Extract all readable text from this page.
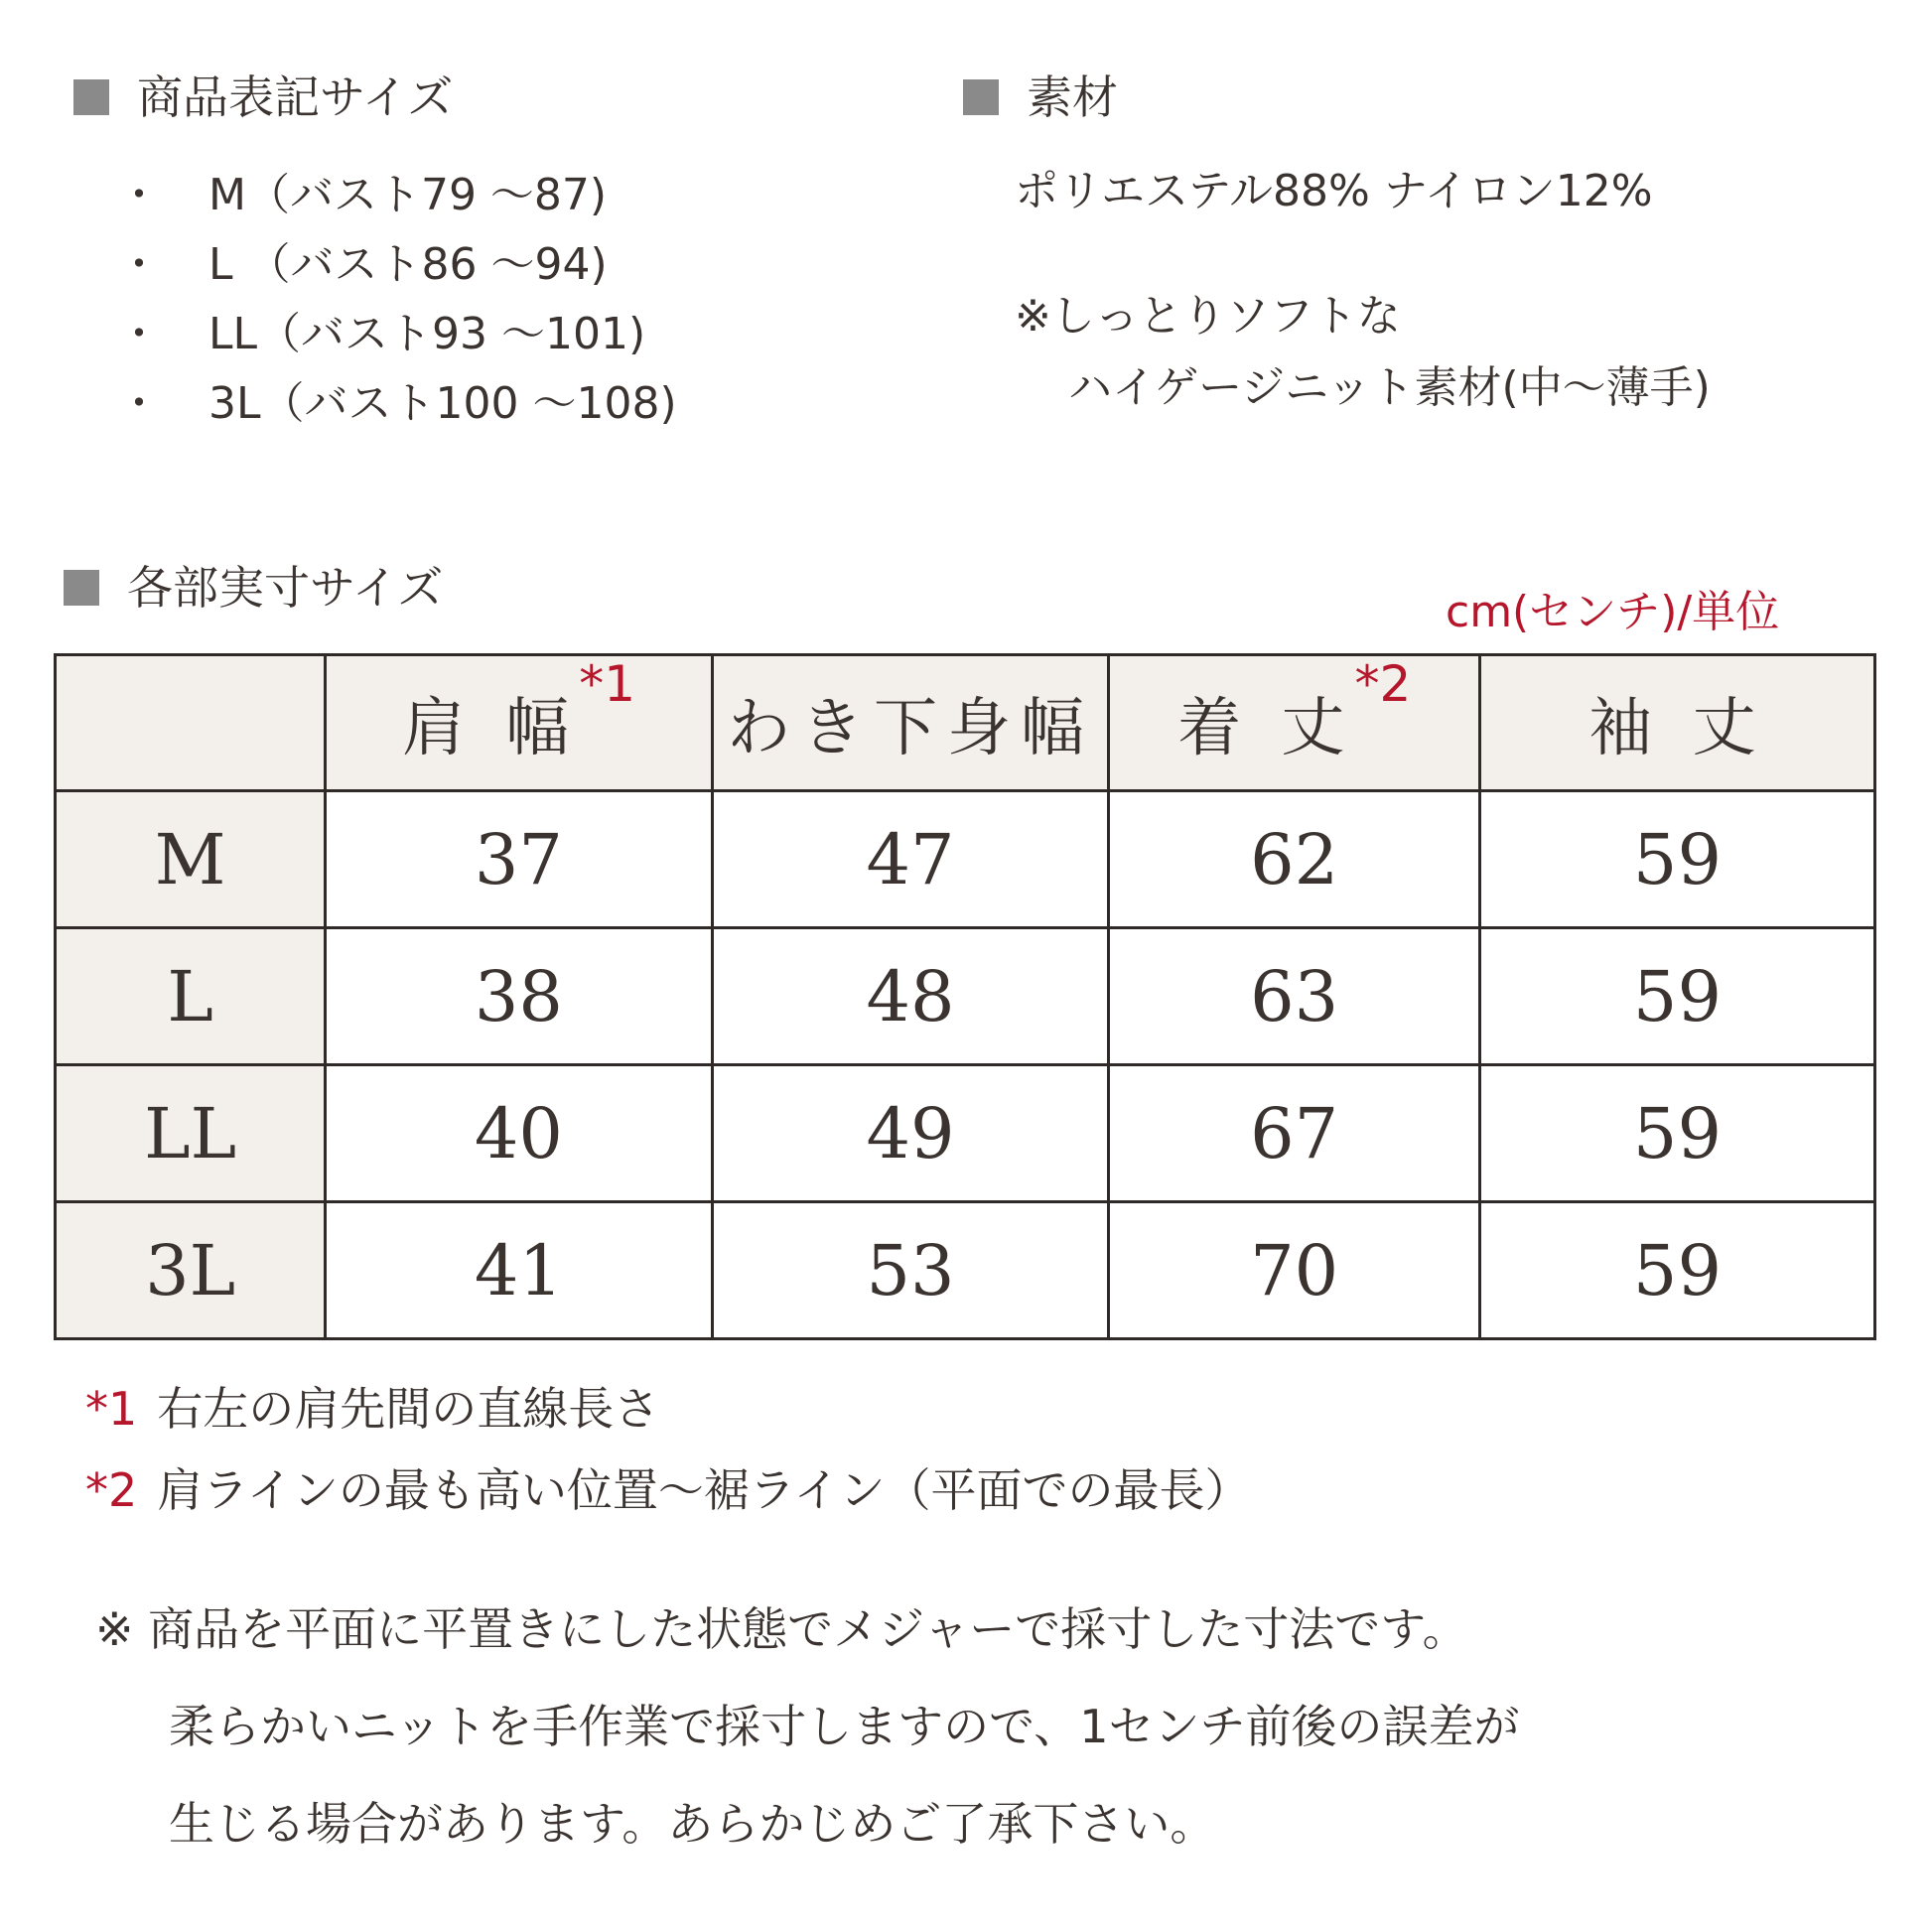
商品表記サイズ
・	M（バスト79 ～87)
・	L （バスト86 ～94)
・	LL（バスト93 ～101)
・	3L（バスト100 ～108)
素材
ポリエステル88% ナイロン12%
※しっとりソフトな
ハイゲージニット素材(中～薄手)
各部実寸サイズ	cm(センチ)/単位
	肩 幅$^{*1}$	わき下身幅	着 丈$^{*2}$	袖 丈
M	37	47	62	59
L	38	48	63	59
LL	40	49	67	59
3L	41	53	70	59
*1 右左の肩先間の直線長さ
*2 肩ラインの最も高い位置～裾ライン（平面での最長）
※ 商品を平面に平置きにした状態でメジャーで採寸した寸法です。
柔らかいニットを手作業で採寸しますので、1センチ前後の誤差が
生じる場合があります。あらかじめご了承下さい。
